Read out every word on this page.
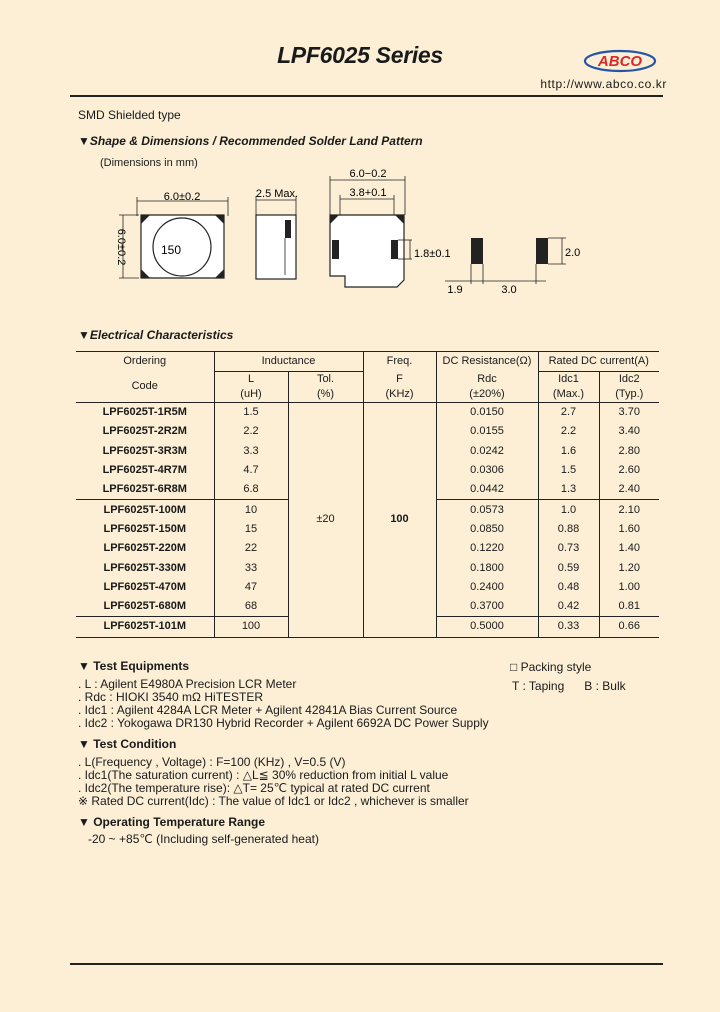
LPF6025 Series	ABCO
http://www.abco.co.kr
SMD Shielded type
▼Shape & Dimensions / Recommended Solder Land Pattern
(Dimensions in mm)
6.0±0.2
150
6.0±0.2
2.5 Max.
6.0−0.2
3.8+0.1
1.8±0.1	2.0
1.9	3.0
▼Electrical Characteristics
Ordering	Inductance		Freq.	DC Resistance(Ω)	Rated DC current(A)	
Code	L	Tol.	F	Rdc	Idc1	Idc2
	(uH)	(%)	(KHz)	(±20%)	(Max.)	(Typ.)
LPF6025T-1R5M	1.5	±20	100	0.0150	2.7	3.70
LPF6025T-2R2M	2.2			0.0155	2.2	3.40
LPF6025T-3R3M	3.3			0.0242	1.6	2.80
LPF6025T-4R7M	4.7			0.0306	1.5	2.60
LPF6025T-6R8M	6.8			0.0442	1.3	2.40
LPF6025T-100M	10			0.0573	1.0	2.10
LPF6025T-150M	15			0.0850	0.88	1.60
LPF6025T-220M	22			0.1220	0.73	1.40
LPF6025T-330M	33			0.1800	0.59	1.20
LPF6025T-470M	47			0.2400	0.48	1.00
LPF6025T-680M	68			0.3700	0.42	0.81
LPF6025T-101M	100			0.5000	0.33	0.66
▼ Test Equipments
. L : Agilent E4980A Precision LCR Meter
. Rdc : HIOKI 3540 mΩ HiTESTER
. Idc1 : Agilent 4284A LCR Meter + Agilent 42841A Bias Current Source
. Idc2 : Yokogawa DR130 Hybrid Recorder + Agilent 6692A DC Power Supply
□ Packing style
T : Taping      B : Bulk
▼ Test Condition
. L(Frequency , Voltage) : F=100 (KHz) , V=0.5 (V)
. Idc1(The saturation current) : △L≦ 30% reduction from initial L value
. Idc2(The temperature rise): △T= 25℃ typical at rated DC current
※ Rated DC current(Idc) : The value of Idc1 or Idc2 , whichever is smaller
▼ Operating Temperature Range
-20 ~ +85℃ (Including self-generated heat)
